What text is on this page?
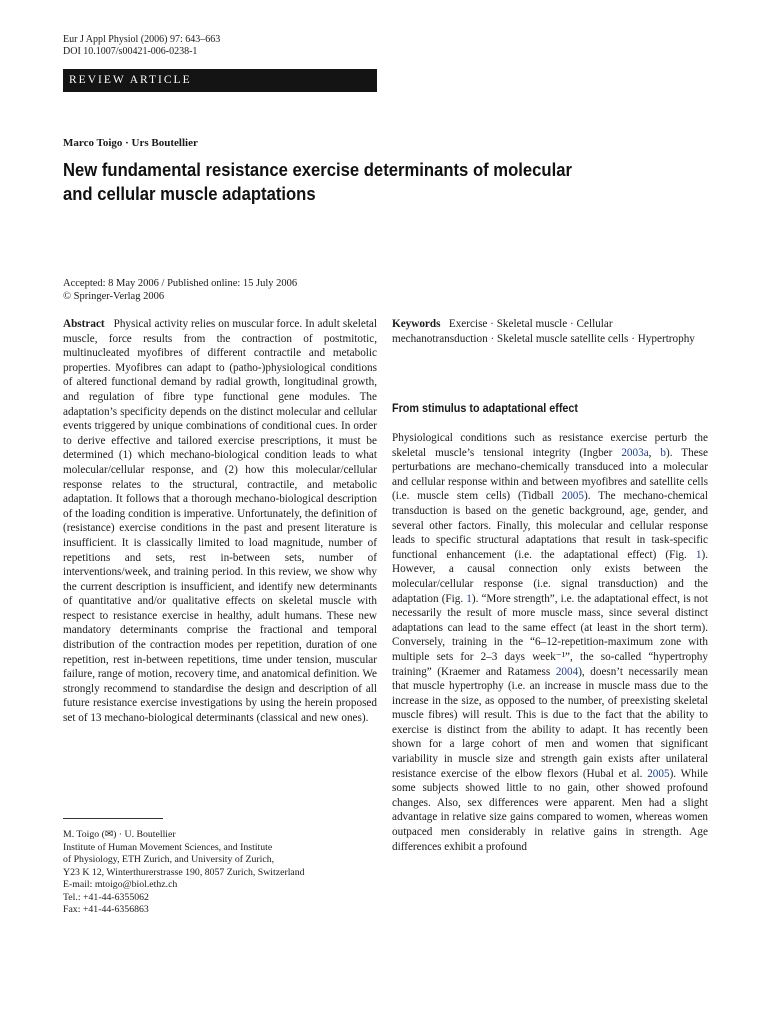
Eur J Appl Physiol (2006) 97: 643–663
DOI 10.1007/s00421-006-0238-1
REVIEW ARTICLE
Marco Toigo · Urs Boutellier
New fundamental resistance exercise determinants of molecular
and cellular muscle adaptations
Accepted: 8 May 2006 / Published online: 15 July 2006
© Springer-Verlag 2006
Abstract Physical activity relies on muscular force. In adult skeletal muscle, force results from the contraction of postmitotic, multinucleated myofibres of different contractile and metabolic properties. Myofibres can adapt to (patho-)physiological conditions of altered functional demand by radial growth, longitudinal growth, and regulation of fibre type functional gene modules. The adaptation’s specificity depends on the distinct molecular and cellular events triggered by unique combinations of conditional cues. In order to derive effective and tailored exercise prescriptions, it must be determined (1) which mechano-biological condition leads to what molecular/cellular response, and (2) how this molecular/cellular response relates to the structural, contractile, and metabolic adaptation. It follows that a thorough mechano-biological description of the loading condition is imperative. Unfortunately, the definition of (resistance) exercise conditions in the past and present literature is insufficient. It is classically limited to load magnitude, number of repetitions and sets, rest in-between sets, number of interventions/week, and training period. In this review, we show why the current description is insufficient, and identify new determinants of quantitative and/or qualitative effects on skeletal muscle with respect to resistance exercise in healthy, adult humans. These new mandatory determinants comprise the fractional and temporal distribution of the contraction modes per repetition, duration of one repetition, rest in-between repetitions, time under tension, muscular failure, range of motion, recovery time, and anatomical definition. We strongly recommend to standardise the design and description of all future resistance exercise investigations by using the herein proposed set of 13 mechano-biological determinants (classical and new ones).
M. Toigo (✉) · U. Boutellier
Institute of Human Movement Sciences, and Institute
of Physiology, ETH Zurich, and University of Zurich,
Y23 K 12, Winterthurerstrasse 190, 8057 Zurich, Switzerland
E-mail: mtoigo@biol.ethz.ch
Tel.: +41-44-6355062
Fax: +41-44-6356863
Keywords Exercise · Skeletal muscle · Cellular mechanotransduction · Skeletal muscle satellite cells · Hypertrophy
From stimulus to adaptational effect
Physiological conditions such as resistance exercise perturb the skeletal muscle’s tensional integrity (Ingber 2003a, b). These perturbations are mechano-chemically transduced into a molecular and cellular response within and between myofibres and satellite cells (i.e. muscle stem cells) (Tidball 2005). The mechano-chemical transduction is based on the genetic background, age, gender, and several other factors. Finally, this molecular and cellular response leads to specific structural adaptations that result in task-specific functional enhancement (i.e. the adaptational effect) (Fig. 1). However, a causal connection only exists between the molecular/cellular response (i.e. signal transduction) and the adaptation (Fig. 1). “More strength”, i.e. the adaptational effect, is not necessarily the result of more muscle mass, since several distinct adaptations can lead to the same effect (at least in the short term). Conversely, training in the “6–12-repetition-maximum zone with multiple sets for 2–3 days week⁻¹”, the so-called “hypertrophy training” (Kraemer and Ratamess 2004), doesn’t necessarily mean that muscle hypertrophy (i.e. an increase in muscle mass due to the increase in the size, as opposed to the number, of preexisting skeletal muscle fibres) will result. This is due to the fact that the ability to exercise is distinct from the ability to adapt. It has recently been shown for a large cohort of men and women that significant variability in muscle size and strength gain exists after unilateral resistance exercise of the elbow flexors (Hubal et al. 2005). While some subjects showed little to no gain, other showed profound changes. Also, sex differences were apparent. Men had a slight advantage in relative size gains compared to women, whereas women outpaced men considerably in relative gains in strength. Age differences exhibit a profound
